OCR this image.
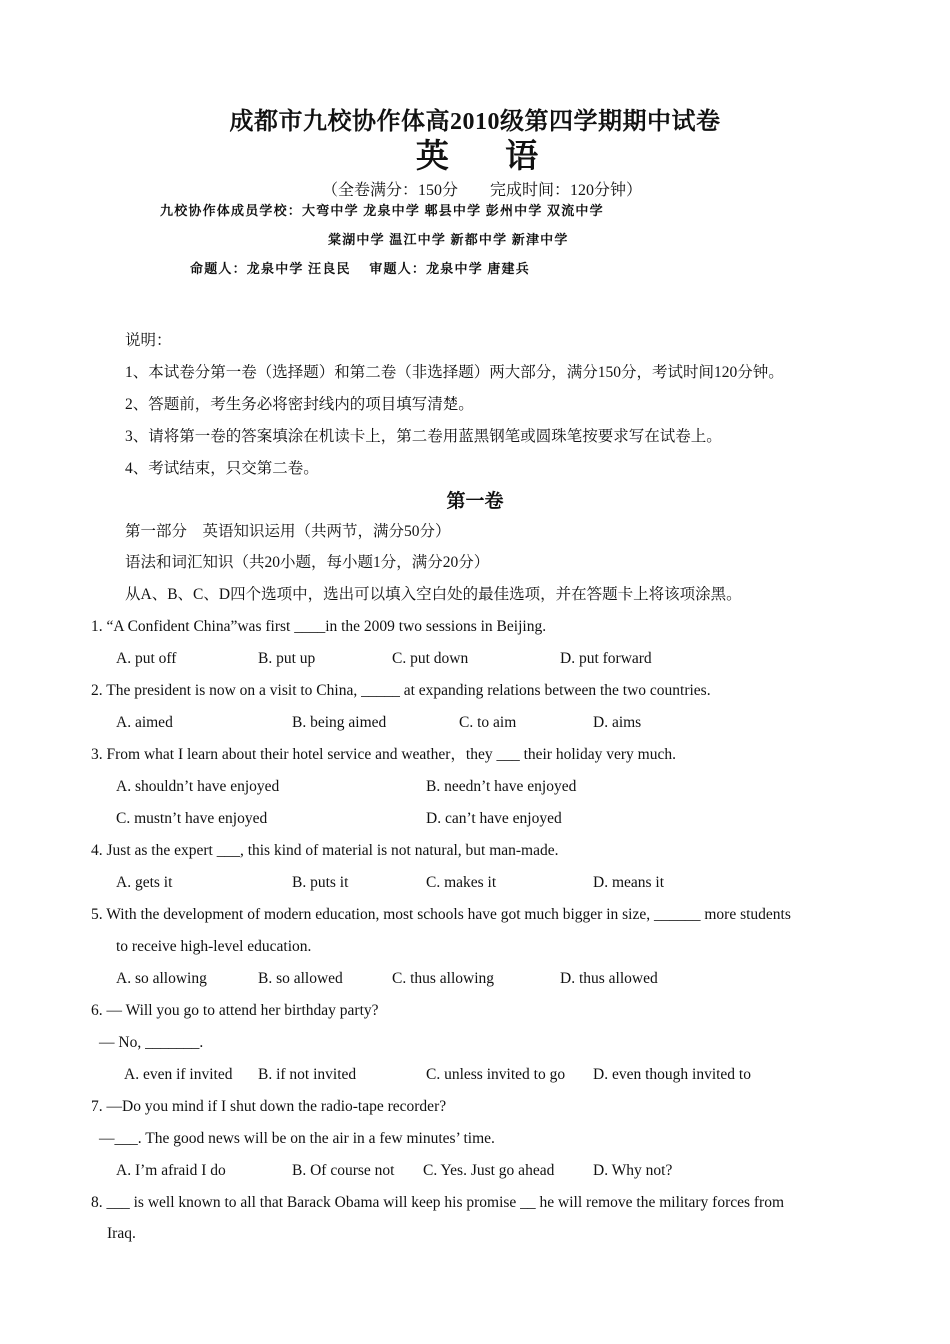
成都市九校协作体高2010级第四学期期中试卷
英 语
（全卷满分：150分　　完成时间：120分钟）
九校协作体成员学校：大弯中学 龙泉中学 郫县中学 彭州中学 双流中学
棠湖中学 温江中学 新都中学 新津中学
命题人：龙泉中学 汪良民　 审题人：龙泉中学 唐建兵
说明：
1、本试卷分第一卷（选择题）和第二卷（非选择题）两大部分，满分150分，考试时间120分钟。
2、答题前，考生务必将密封线内的项目填写清楚。
3、请将第一卷的答案填涂在机读卡上，第二卷用蓝黑钢笔或圆珠笔按要求写在试卷上。
4、考试结束，只交第二卷。
第一卷
第一部分　英语知识运用（共两节，满分50分）
语法和词汇知识（共20小题，每小题1分，满分20分）
从A、B、C、D四个选项中，选出可以填入空白处的最佳选项，并在答题卡上将该项涂黑。
1. “A Confident China”was first ____in the 2009 two sessions in Beijing.
A. put off	B. put up	C. put down	D. put forward
2. The president is now on a visit to China, _____ at expanding relations between the two countries.
A. aimed	B. being aimed	C. to aim	D. aims
3. From what I learn about their hotel service and weather，they ___ their holiday very much.
A. shouldn’t have enjoyed	B. needn’t have enjoyed
C. mustn’t have enjoyed	D. can’t have enjoyed
4. Just as the expert ___, this kind of material is not natural, but man-made.
A. gets it	B. puts it	C. makes it	D. means it
5. With the development of modern education, most schools have got much bigger in size, ______ more students
to receive high-level education.
A. so allowing	B. so allowed	C. thus allowing	D. thus allowed
6. — Will you go to attend her birthday party?
— No, _______.
A. even if invited B. if not invited	C. unless invited to go D. even though invited to
7. —Do you mind if I shut down the radio-tape recorder?
—___. The good news will be on the air in a few minutes’ time.
A. I’m afraid I do	B. Of course not C. Yes. Just go ahead D. Why not?
8. ___ is well known to all that Barack Obama will keep his promise __ he will remove the military forces from
Iraq.
